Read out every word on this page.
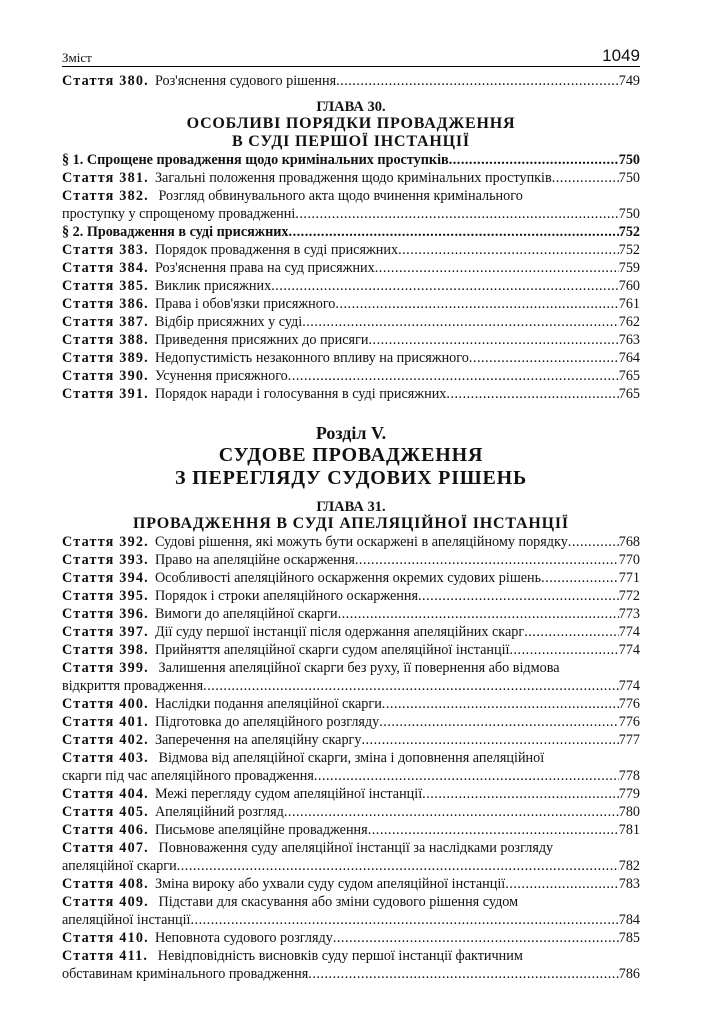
Зміст	1049
Стаття 380. Роз'яснення судового рішення .....	749
ГЛАВА 30.
ОСОБЛИВІ ПОРЯДКИ ПРОВАДЖЕННЯ
В СУДІ ПЕРШОЇ ІНСТАНЦІЇ
§ 1. Спрощене провадження щодо кримінальних проступків .....	750
Стаття 381. Загальні положення провадження щодо кримінальних проступків .....	750
Стаття 382. Розгляд обвинувального акта щодо вчинення кримінального
проступку у спрощеному провадженні .....	750
§ 2. Провадження в суді присяжних .....	752
Стаття 383. Порядок провадження в суді присяжних .....	752
Стаття 384. Роз'яснення права на суд присяжних .....	759
Стаття 385. Виклик присяжних .....	760
Стаття 386. Права і обов'язки присяжного .....	761
Стаття 387. Відбір присяжних у суді .....	762
Стаття 388. Приведення присяжних до присяги .....	763
Стаття 389. Недопустимість незаконного впливу на присяжного .....	764
Стаття 390. Усунення присяжного .....	765
Стаття 391. Порядок наради і голосування в суді присяжних .....	765
Розділ V.
СУДОВЕ ПРОВАДЖЕННЯ
З ПЕРЕГЛЯДУ СУДОВИХ РІШЕНЬ
ГЛАВА 31.
ПРОВАДЖЕННЯ В СУДІ АПЕЛЯЦІЙНОЇ ІНСТАНЦІЇ
Стаття 392. Судові рішення, які можуть бути оскаржені в апеляційному порядку .....	768
Стаття 393. Право на апеляційне оскарження .....	770
Стаття 394. Особливості апеляційного оскарження окремих судових рішень .....	771
Стаття 395. Порядок і строки апеляційного оскарження .....	772
Стаття 396. Вимоги до апеляційної скарги .....	773
Стаття 397. Дії суду першої інстанції після одержання апеляційних скарг .....	774
Стаття 398. Прийняття апеляційної скарги судом апеляційної інстанції .....	774
Стаття 399. Залишення апеляційної скарги без руху, її повернення або відмова
відкриття провадження .....	774
Стаття 400. Наслідки подання апеляційної скарги .....	776
Стаття 401. Підготовка до апеляційного розгляду .....	776
Стаття 402. Заперечення на апеляційну скаргу .....	777
Стаття 403. Відмова від апеляційної скарги, зміна і доповнення апеляційної
скарги під час апеляційного провадження .....	778
Стаття 404. Межі перегляду судом апеляційної інстанції .....	779
Стаття 405. Апеляційний розгляд .....	780
Стаття 406. Письмове апеляційне провадження .....	781
Стаття 407. Повноваження суду апеляційної інстанції за наслідками розгляду
апеляційної скарги .....	782
Стаття 408. Зміна вироку або ухвали суду судом апеляційної інстанції .....	783
Стаття 409. Підстави для скасування або зміни судового рішення судом
апеляційної інстанції .....	784
Стаття 410. Неповнота судового розгляду .....	785
Стаття 411. Невідповідність висновків суду першої інстанції фактичним
обставинам кримінального провадження .....	786
